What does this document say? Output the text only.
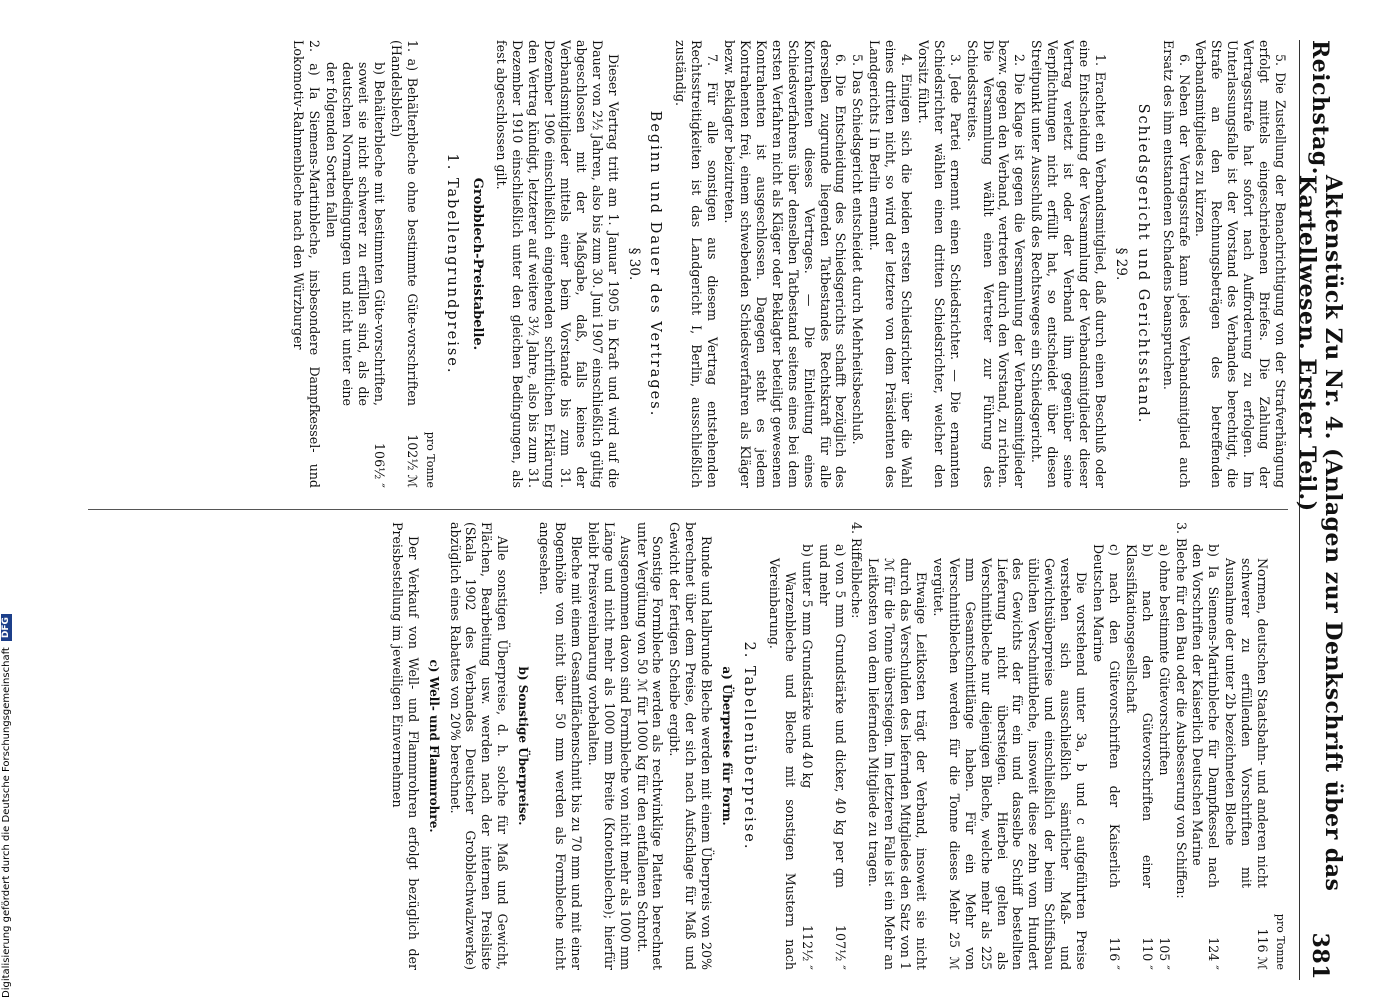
Reichstag.
Aktenstück Zu Nr. 4. (Anlagen zur Denkschrift über das Kartellwesen. Erster Teil.)
381

5. Die Zustellung der Benachrichtigung von der Strafverhängung erfolgt mittels eingeschriebenen Briefes. Die Zahlung der Vertragsstrafe hat sofort nach Aufforderung zu erfolgen. Im Unterlassungsfalle ist der Vorstand des Verbandes berechtigt, die Strafe an den Rechnungsbeträgen des betreffenden Verbandsmitgliedes zu kürzen.

6. Neben der Vertragsstrafe kann jedes Verbandsmitglied auch Ersatz des ihm entstandenen Schadens beanspruchen.

Schiedsgericht und Gerichtsstand.
§ 29.

1. Erachtet ein Verbandsmitglied, daß durch einen Beschluß oder eine Entscheidung der Versammlung der Verbandsmitglieder dieser Vertrag verletzt ist oder der Verband ihm gegenüber seine Verpflichtungen nicht erfüllt hat, so entscheidet über diesen Streitpunkt unter Ausschluß des Rechtsweges ein Schiedsgericht.

2. Die Klage ist gegen die Versammlung der Verbandsmitglieder bezw. gegen den Verband, vertreten durch den Vorstand, zu richten. Die Versammlung wählt einen Vertreter zur Führung des Schiedsstreites.

3. Jede Partei ernennt einen Schiedsrichter. — Die ernannten Schiedsrichter wählen einen dritten Schiedsrichter, welcher den Vorsitz führt.

4. Einigen sich die beiden ersten Schiedsrichter über die Wahl eines dritten nicht, so wird der letztere von dem Präsidenten des Landgerichts I in Berlin ernannt.

5. Das Schiedsgericht entscheidet durch Mehrheitsbeschluß.

6. Die Entscheidung des Schiedsgerichts schafft bezüglich des derselben zugrunde liegenden Tatbestandes Rechtskraft für alle Kontrahenten dieses Vertrages. — Die Einleitung eines Schiedsverfahrens über denselben Tatbestand seitens eines bei dem ersten Verfahren nicht als Kläger oder Beklagter beteiligt gewesenen Kontrahenten ist ausgeschlossen. Dagegen steht es jedem Kontrahenten frei, einem schwebenden Schiedsverfahren als Kläger bezw. Beklagter beizutreten.

7. Für alle sonstigen aus diesem Vertrag entstehenden Rechtsstreitigkeiten ist das Landgericht I, Berlin, ausschließlich zuständig.

Beginn und Dauer des Vertrages.
§ 30.

Dieser Vertrag tritt am 1. Januar 1905 in Kraft und wird auf die Dauer von 2½ Jahren, also bis zum 30. Juni 1907 einschließlich gültig abgeschlossen mit der Maßgabe, daß, falls keines der Verbandsmitglieder mittels einer beim Vorstande bis zum 31. Dezember 1906 einschließlich eingehenden schriftlichen Erklärung den Vertrag kündigt, letzterer auf weitere 3½ Jahre, also bis zum 31. Dezember 1910 einschließlich unter den gleichen Bedingungen, als fest abgeschlossen gilt.

Grobblech-Preistabelle.
1. Tabellengrundpreise.
pro Tonne
1. a) Behälterbleche ohne bestimmte Güte-vorschriften (Handelsblech)
102½ ℳ
b) Behälterbleche mit bestimmten Güte-vorschriften, soweit sie nicht schwerer zu erfüllen sind, als die deutschen Normalbedingungen und nicht unter eine der folgenden Sorten fallen
106½ ″
2. a) Ia Siemens-Martinbleche, insbesondere Dampfkessel- und Lokomotiv-Rahmenbleche nach den Würzburger
pro Tonne
Normen, deutschen Staatsbahn- und anderen nicht schwerer zu erfüllenden Vorschriften mit Ausnahme der unter 2b bezeichneten Bleche
116 ℳ
b) Ia Siemens-Martinbleche für Dampfkessel nach den Vorschriften der Kaiserlich Deutschen Marine
124 ″
3. Bleche für den Bau oder die Ausbesserung von Schiffen:
a) ohne bestimmte Gütevorschriften
105 ″
b) nach den Gütevorschriften einer Klassifikationsgesellschaft
110 ″
c) nach den Gütevorschriften der Kaiserlich Deutschen Marine
116 ″

Die vorstehend unter 3a, b und c aufgeführten Preise verstehen sich ausschließlich sämtlicher Maß- und Gewichtsüberpreise und einschließlich der beim Schiffsbau üblichen Verschnittbleche, insoweit diese zehn vom Hundert des Gewichts der für ein und dasselbe Schiff bestellten Lieferung nicht übersteigen. Hierbei gelten als Verschnittbleche nur diejenigen Bleche, welche mehr als 225 mm Gesamtschnittlänge haben. Für ein Mehr von Verschnittblechen werden für die Tonne dieses Mehr 25 ℳ vergütet.

Etwaige Leitkosten trägt der Verband, insoweit sie nicht durch das Verschulden des liefernden Mitgliedes den Satz von 1 ℳ für die Tonne übersteigen. Im letzteren Falle ist ein Mehr an Leitkosten von dem liefernden Mitgliede zu tragen.

4. Riffelbleche:
a) von 5 mm Grundstärke und dicker, 40 kg per qm und mehr
107½ ″
b) unter 5 mm Grundstärke und 40 kg
112½ ″

Warzenbleche und Bleche mit sonstigen Mustern nach Vereinbarung.

2. Tabellenüberpreise.
a) Überpreise für Form.

Runde und halbrunde Bleche werden mit einem Überpreis von 20% berechnet über dem Preise, der sich nach Aufschlage für Maß und Gewicht der fertigen Scheibe ergibt.

Sonstige Formbleche werden als rechtwinklige Platten berechnet unter Vergütung von 50 ℳ für 1000 kg für den entfallenen Schrott.

Ausgenommen davon sind Formbleche von nicht mehr als 1000 mm Länge und nicht mehr als 1000 mm Breite (Knotenbleche); hierfür bleibt Preisvereinbarung vorbehalten.

Bleche mit einem Gesamtflächenschnitt bis zu 70 mm und mit einer Bogenhöhe von nicht über 50 mm werden als Formbleche nicht angesehen.

b) Sonstige Überpreise.

Alle sonstigen Überpreise, d. h. solche für Maß und Gewicht, Flächen, Bearbeitung usw. werden nach der internen Preisliste (Skala 1902 des Verbandes Deutscher Grobblechwalzwerke) abzüglich eines Rabattes von 20% berechnet.

c) Well- und Flammrohre.

Der Verkauf von Well- und Flammrohren erfolgt bezüglich der Preisbestellung im jeweiligen Einvernehmen

Digitalisierung gefördert durch die Deutsche Forschungsgemeinschaft
DFG
